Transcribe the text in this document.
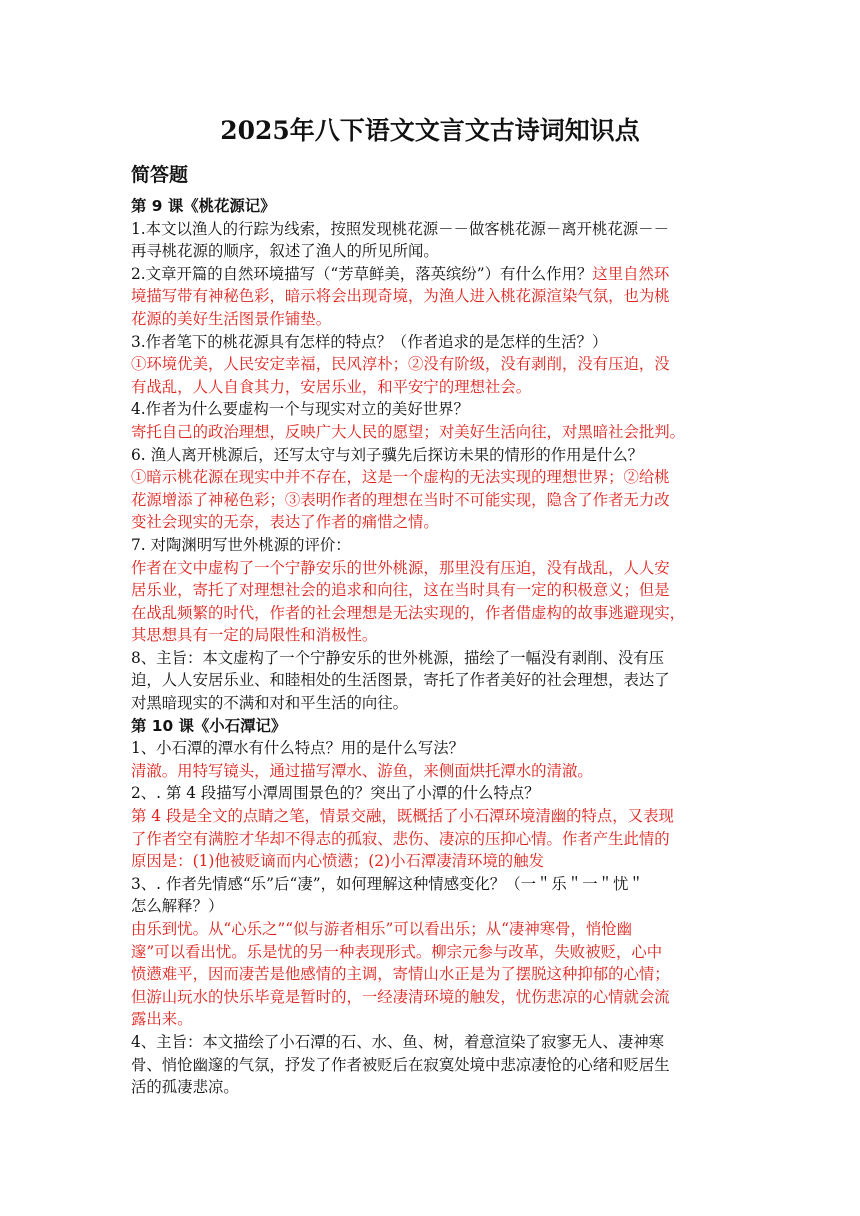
2025年八下语文文言文古诗词知识点
简答题
第 9 课《桃花源记》
1.本文以渔人的行踪为线索，按照发现桃花源－－做客桃花源－离开桃花源－－
再寻桃花源的顺序，叙述了渔人的所见所闻。
2.文章开篇的自然环境描写（“芳草鲜美，落英缤纷”）有什么作用？这里自然环
境描写带有神秘色彩，暗示将会出现奇境，为渔人进入桃花源渲染气氛，也为桃
花源的美好生活图景作铺垫。
3.作者笔下的桃花源具有怎样的特点？（作者追求的是怎样的生活？）
①环境优美，人民安定幸福，民风淳朴；②没有阶级，没有剥削，没有压迫，没
有战乱，人人自食其力，安居乐业，和平安宁的理想社会。
4.作者为什么要虚构一个与现实对立的美好世界？
寄托自己的政治理想，反映广大人民的愿望；对美好生活向往，对黑暗社会批判。
6. 渔人离开桃源后，还写太守与刘子骥先后探访未果的情形的作用是什么？
①暗示桃花源在现实中并不存在，这是一个虚构的无法实现的理想世界；②给桃
花源增添了神秘色彩；③表明作者的理想在当时不可能实现，隐含了作者无力改
变社会现实的无奈，表达了作者的痛惜之情。
7. 对陶渊明写世外桃源的评价：
作者在文中虚构了一个宁静安乐的世外桃源，那里没有压迫，没有战乱，人人安
居乐业，寄托了对理想社会的追求和向往，这在当时具有一定的积极意义；但是
在战乱频繁的时代，作者的社会理想是无法实现的，作者借虚构的故事逃避现实，
其思想具有一定的局限性和消极性。
8、主旨：本文虚构了一个宁静安乐的世外桃源，描绘了一幅没有剥削、没有压
迫，人人安居乐业、和睦相处的生活图景，寄托了作者美好的社会理想，表达了
对黑暗现实的不满和对和平生活的向往。
第 10 课《小石潭记》
1、小石潭的潭水有什么特点？用的是什么写法？
清澈。用特写镜头，通过描写潭水、游鱼，来侧面烘托潭水的清澈。
2、. 第 4 段描写小潭周围景色的？突出了小潭的什么特点？
第 4 段是全文的点睛之笔，情景交融，既概括了小石潭环境清幽的特点，又表现
了作者空有满腔才华却不得志的孤寂、悲伤、凄凉的压抑心情。作者产生此情的
原因是：(1)他被贬谪而内心愤懑；(2)小石潭凄清环境的触发
3、. 作者先情感“乐”后“凄”，如何理解这种情感变化？（一＂乐＂一＂忧＂
怎么解释？）
由乐到忧。从“心乐之”“似与游者相乐”可以看出乐；从“凄神寒骨，悄怆幽
邃”可以看出忧。乐是忧的另一种表现形式。柳宗元参与改革，失败被贬，心中
愤懑难平，因而凄苦是他感情的主调，寄情山水正是为了摆脱这种抑郁的心情；
但游山玩水的快乐毕竟是暂时的，一经凄清环境的触发，忧伤悲凉的心情就会流
露出来。
4、主旨：本文描绘了小石潭的石、水、鱼、树，着意渲染了寂寥无人、凄神寒
骨、悄怆幽邃的气氛，抒发了作者被贬后在寂寞处境中悲凉凄怆的心绪和贬居生
活的孤凄悲凉。
